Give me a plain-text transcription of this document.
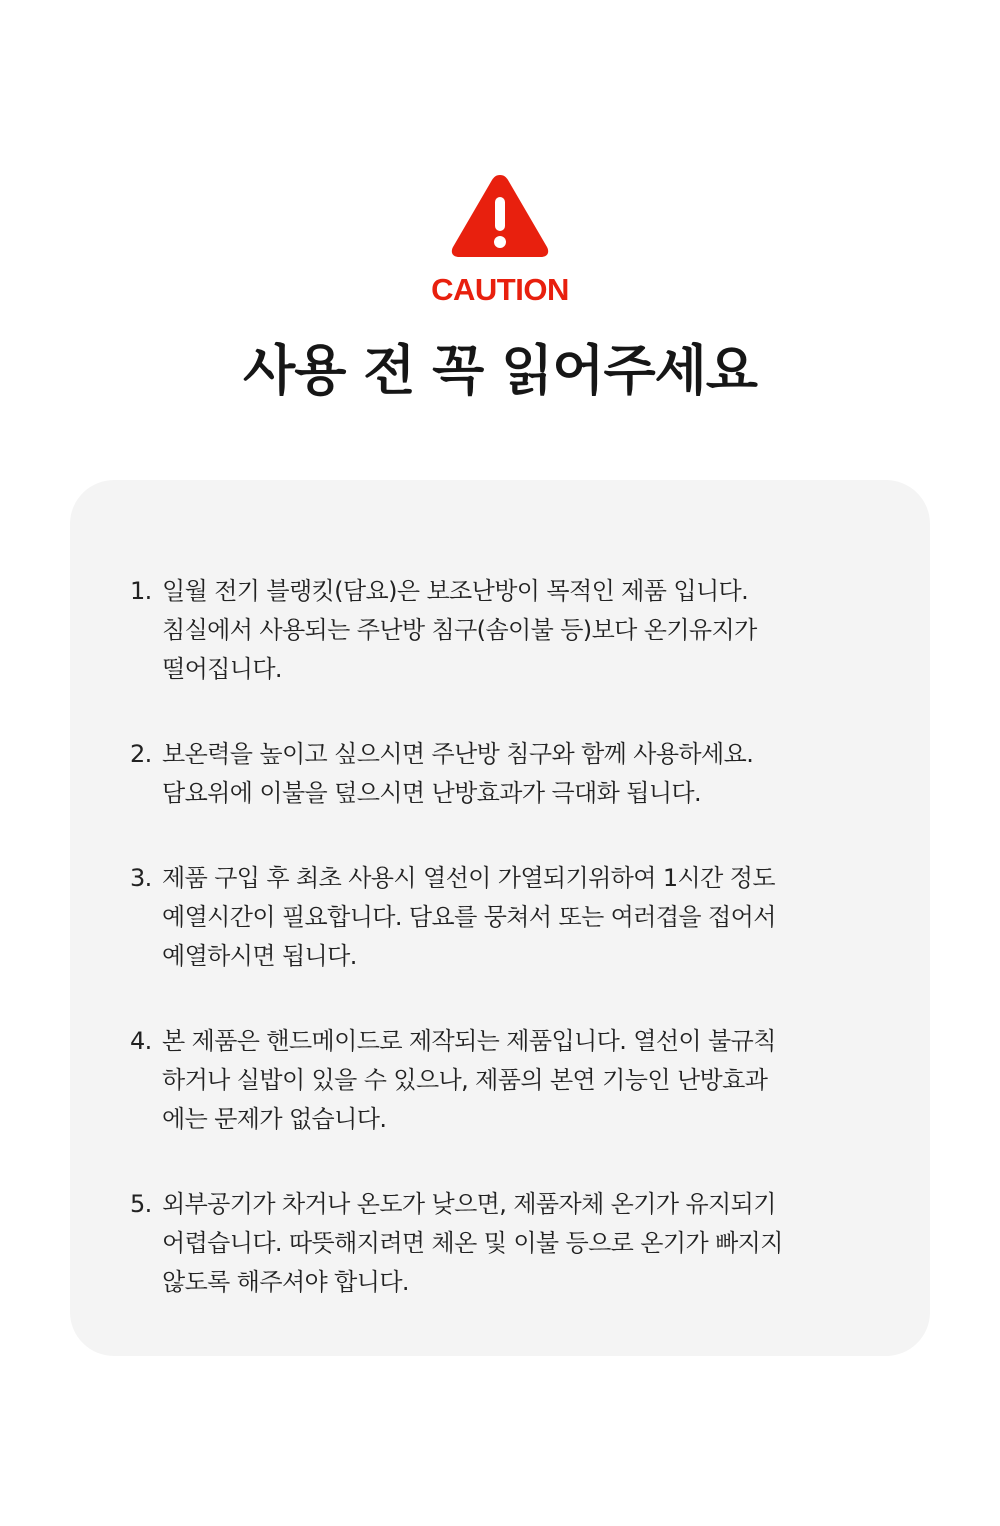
CAUTION
사용 전 꼭 읽어주세요
1. 일월 전기 블랭킷(담요)은 보조난방이 목적인 제품 입니다.
침실에서 사용되는 주난방 침구(솜이불 등)보다 온기유지가
떨어집니다.
2. 보온력을 높이고 싶으시면 주난방 침구와 함께 사용하세요.
담요위에 이불을 덮으시면 난방효과가 극대화 됩니다.
3. 제품 구입 후 최초 사용시 열선이 가열되기위하여 1시간 정도
예열시간이 필요합니다. 담요를 뭉쳐서 또는 여러겹을 접어서
예열하시면 됩니다.
4. 본 제품은 핸드메이드로 제작되는 제품입니다. 열선이 불규칙
하거나 실밥이 있을 수 있으나, 제품의 본연 기능인 난방효과
에는 문제가 없습니다.
5. 외부공기가 차거나 온도가 낮으면, 제품자체 온기가 유지되기
어렵습니다. 따뜻해지려면 체온 및 이불 등으로 온기가 빠지지
않도록 해주셔야 합니다.
